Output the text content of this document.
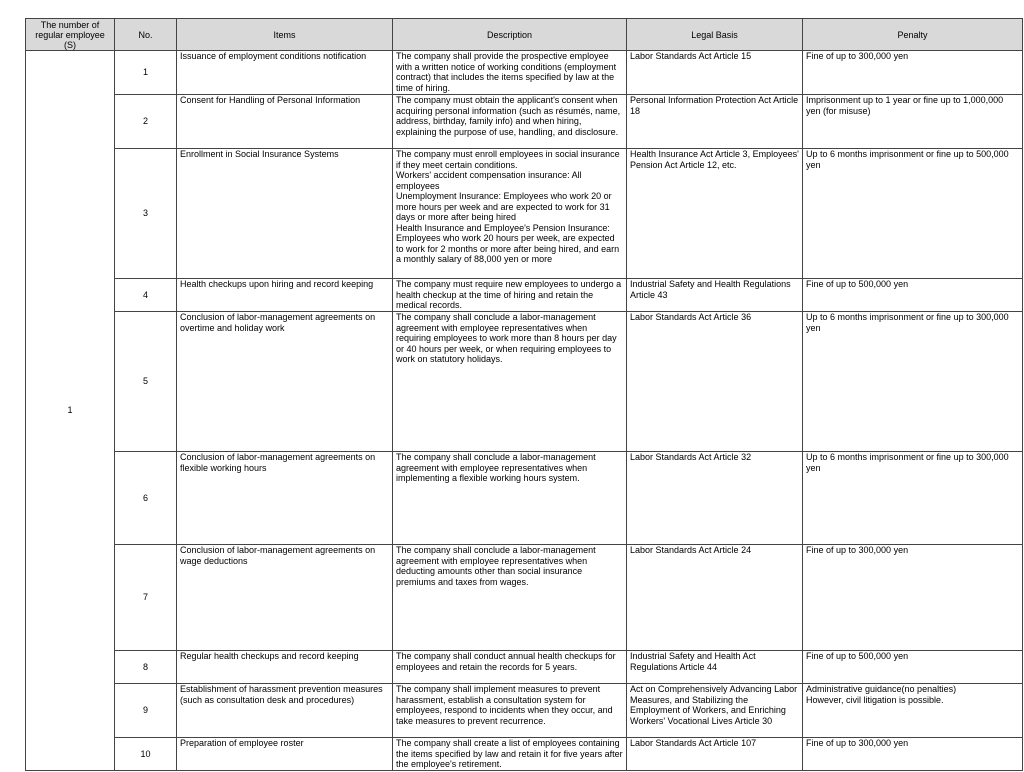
The number of regular employee (S)	No.	Items	Description	Legal Basis	Penalty
1	1	Issuance of employment conditions notification	The company shall provide the prospective employee with a written notice of working conditions (employment contract) that includes the items specified by law at the time of hiring.	Labor Standards Act Article 15	Fine of up to 300,000 yen
	2	Consent for Handling of Personal Information	The company must obtain the applicant's consent when acquiring personal information (such as résumés, name, address, birthday, family info) and when hiring, explaining the purpose of use, handling, and disclosure.	Personal Information Protection Act Article 18	Imprisonment up to 1 year or fine up to 1,000,000 yen (for misuse)
	3	Enrollment in Social Insurance Systems	The company must enroll employees in social insurance if they meet certain conditions.
Workers' accident compensation insurance: All employees
Unemployment Insurance: Employees who work 20 or more hours per week and are expected to work for 31 days or more after being hired
Health Insurance and Employee's Pension Insurance: Employees who work 20 hours per week, are expected to work for 2 months or more after being hired, and earn a monthly salary of 88,000 yen or more	Health Insurance Act Article 3, Employees' Pension Act Article 12, etc.	Up to 6 months imprisonment or fine up to 500,000 yen
	4	Health checkups upon hiring and record keeping	The company must require new employees to undergo a health checkup at the time of hiring and retain the medical records.	Industrial Safety and Health Regulations Article 43	Fine of up to 500,000 yen
	5	Conclusion of labor-management agreements on overtime and holiday work	The company shall conclude a labor-management agreement with employee representatives when requiring employees to work more than 8 hours per day or 40 hours per week, or when requiring employees to work on statutory holidays.	Labor Standards Act Article 36	Up to 6 months imprisonment or fine up to 300,000 yen
	6	Conclusion of labor-management agreements on flexible working hours	The company shall conclude a labor-management agreement with employee representatives when implementing a flexible working hours system.	Labor Standards Act Article 32	Up to 6 months imprisonment or fine up to 300,000 yen
	7	Conclusion of labor-management agreements on wage deductions	The company shall conclude a labor-management agreement with employee representatives when deducting amounts other than social insurance premiums and taxes from wages.	Labor Standards Act Article 24	Fine of up to 300,000 yen
	8	Regular health checkups and record keeping	The company shall conduct annual health checkups for employees and retain the records for 5 years.	Industrial Safety and Health Act Regulations Article 44	Fine of up to 500,000 yen
	9	Establishment of harassment prevention measures (such as consultation desk and procedures)	The company shall implement measures to prevent harassment, establish a consultation system for employees, respond to incidents when they occur, and take measures to prevent recurrence.	Act on Comprehensively Advancing Labor Measures, and Stabilizing the Employment of Workers, and Enriching Workers' Vocational Lives Article 30	Administrative guidance(no penalties)
However, civil litigation is possible.
	10	Preparation of employee roster	The company shall create a list of employees containing the items specified by law and retain it for five years after the employee's retirement.	Labor Standards Act Article 107	Fine of up to 300,000 yen
